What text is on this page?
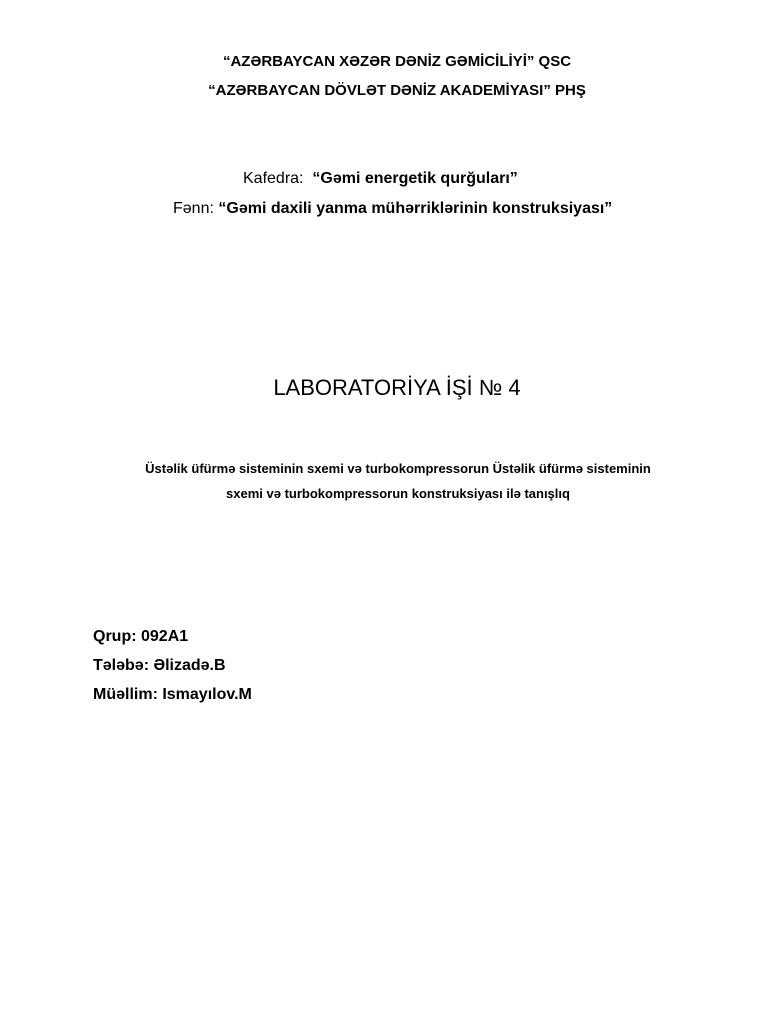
“AZƏRBAYCAN XƏZƏR DƏNİZ GƏMİCİLİYİ” QSC
“AZƏRBAYCAN DÖVLƏT DƏNİZ AKADEMİYASI” PHŞ
Kafedra: “Gəmi energetik qurğuları”
Fənn: “Gəmi daxili yanma mühərriklərinin konstruksiyası”
LABORATORİYA İŞİ № 4
Üstəlik üfürmə sisteminin sxemi və turbokompressorun Üstəlik üfürmə sisteminin
sxemi və turbokompressorun konstruksiyası ilə tanışlıq
Qrup: 092A1
Tələbə: Əlizadə.B
Müəllim: Ismayılov.M
